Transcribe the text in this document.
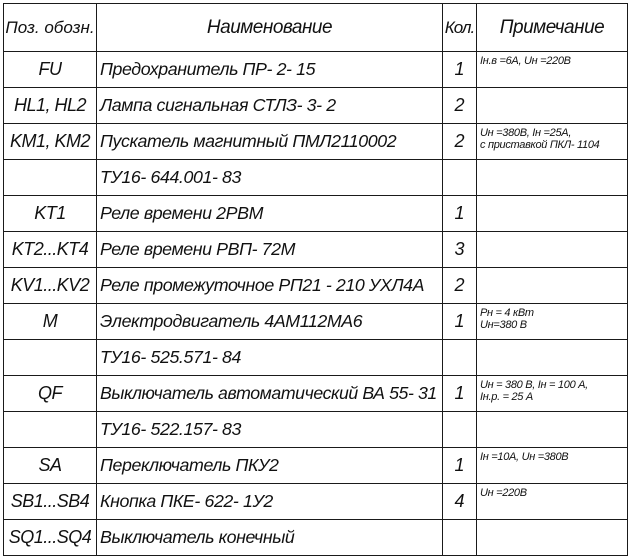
Поз. обозн.	Наименование	Кол.	Примечание
FU	Предохранитель ПР- 2- 15	1	Iн.в =6А, Uн =220В

HL1, HL2	Лампа сигнальная СТЛЗ- 3- 2	2	
KM1, KM2	Пускатель магнитный ПМЛ2110002	2	Uн =380В, Iн =25А,
с приставкой ПКЛ- 1104

	ТУ16- 644.001- 83		
KT1	Реле времени 2РВМ	1	
KT2...KT4	Реле времени РВП- 72М	3	
KV1...KV2	Реле промежуточное РП21 - 210 УХЛ4А	2	
M	Электродвигатель 4АМ112МА6	1	Рн = 4 кВт
Uн=380 В

	ТУ16- 525.571- 84		
QF	Выключатель автоматический ВА 55- 31	1	Uн = 380 В, Iн = 100 А,
Iн.р. = 25 А

	ТУ16- 522.157- 83		
SA	Переключатель ПКУ2	1	Iн =10А, Uн =380В

SB1...SB4	Кнопка ПКЕ- 622- 1У2	4	Uн =220В

SQ1...SQ4	Выключатель конечный		
